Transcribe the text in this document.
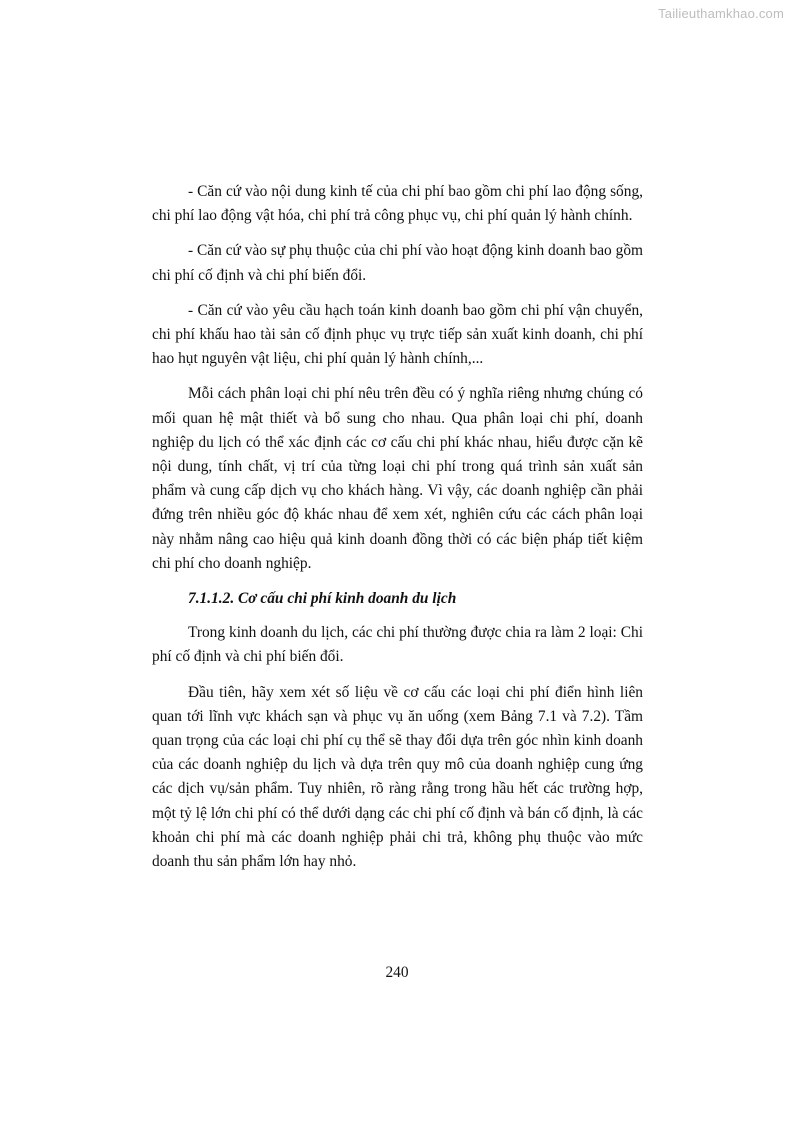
Tailieuthamkhao.com

- Căn cứ vào nội dung kinh tế của chi phí bao gồm chi phí lao động sống, chi phí lao động vật hóa, chi phí trả công phục vụ, chi phí quản lý hành chính.

- Căn cứ vào sự phụ thuộc của chi phí vào hoạt động kinh doanh bao gồm chi phí cố định và chi phí biến đổi.

- Căn cứ vào yêu cầu hạch toán kinh doanh bao gồm chi phí vận chuyển, chi phí khấu hao tài sản cố định phục vụ trực tiếp sản xuất kinh doanh, chi phí hao hụt nguyên vật liệu, chi phí quản lý hành chính,...

Mỗi cách phân loại chi phí nêu trên đều có ý nghĩa riêng nhưng chúng có mối quan hệ mật thiết và bổ sung cho nhau. Qua phân loại chi phí, doanh nghiệp du lịch có thể xác định các cơ cấu chi phí khác nhau, hiểu được cặn kẽ nội dung, tính chất, vị trí của từng loại chi phí trong quá trình sản xuất sản phẩm và cung cấp dịch vụ cho khách hàng. Vì vậy, các doanh nghiệp cần phải đứng trên nhiều góc độ khác nhau để xem xét, nghiên cứu các cách phân loại này nhằm nâng cao hiệu quả kinh doanh đồng thời có các biện pháp tiết kiệm chi phí cho doanh nghiệp.

7.1.1.2. Cơ cấu chi phí kinh doanh du lịch

Trong kinh doanh du lịch, các chi phí thường được chia ra làm 2 loại: Chi phí cố định và chi phí biến đổi.

Đầu tiên, hãy xem xét số liệu về cơ cấu các loại chi phí điển hình liên quan tới lĩnh vực khách sạn và phục vụ ăn uống (xem Bảng 7.1 và 7.2). Tầm quan trọng của các loại chi phí cụ thể sẽ thay đổi dựa trên góc nhìn kinh doanh của các doanh nghiệp du lịch và dựa trên quy mô của doanh nghiệp cung ứng các dịch vụ/sản phẩm. Tuy nhiên, rõ ràng rằng trong hầu hết các trường hợp, một tỷ lệ lớn chi phí có thể dưới dạng các chi phí cố định và bán cố định, là các khoản chi phí mà các doanh nghiệp phải chi trả, không phụ thuộc vào mức doanh thu sản phẩm lớn hay nhỏ.

240
